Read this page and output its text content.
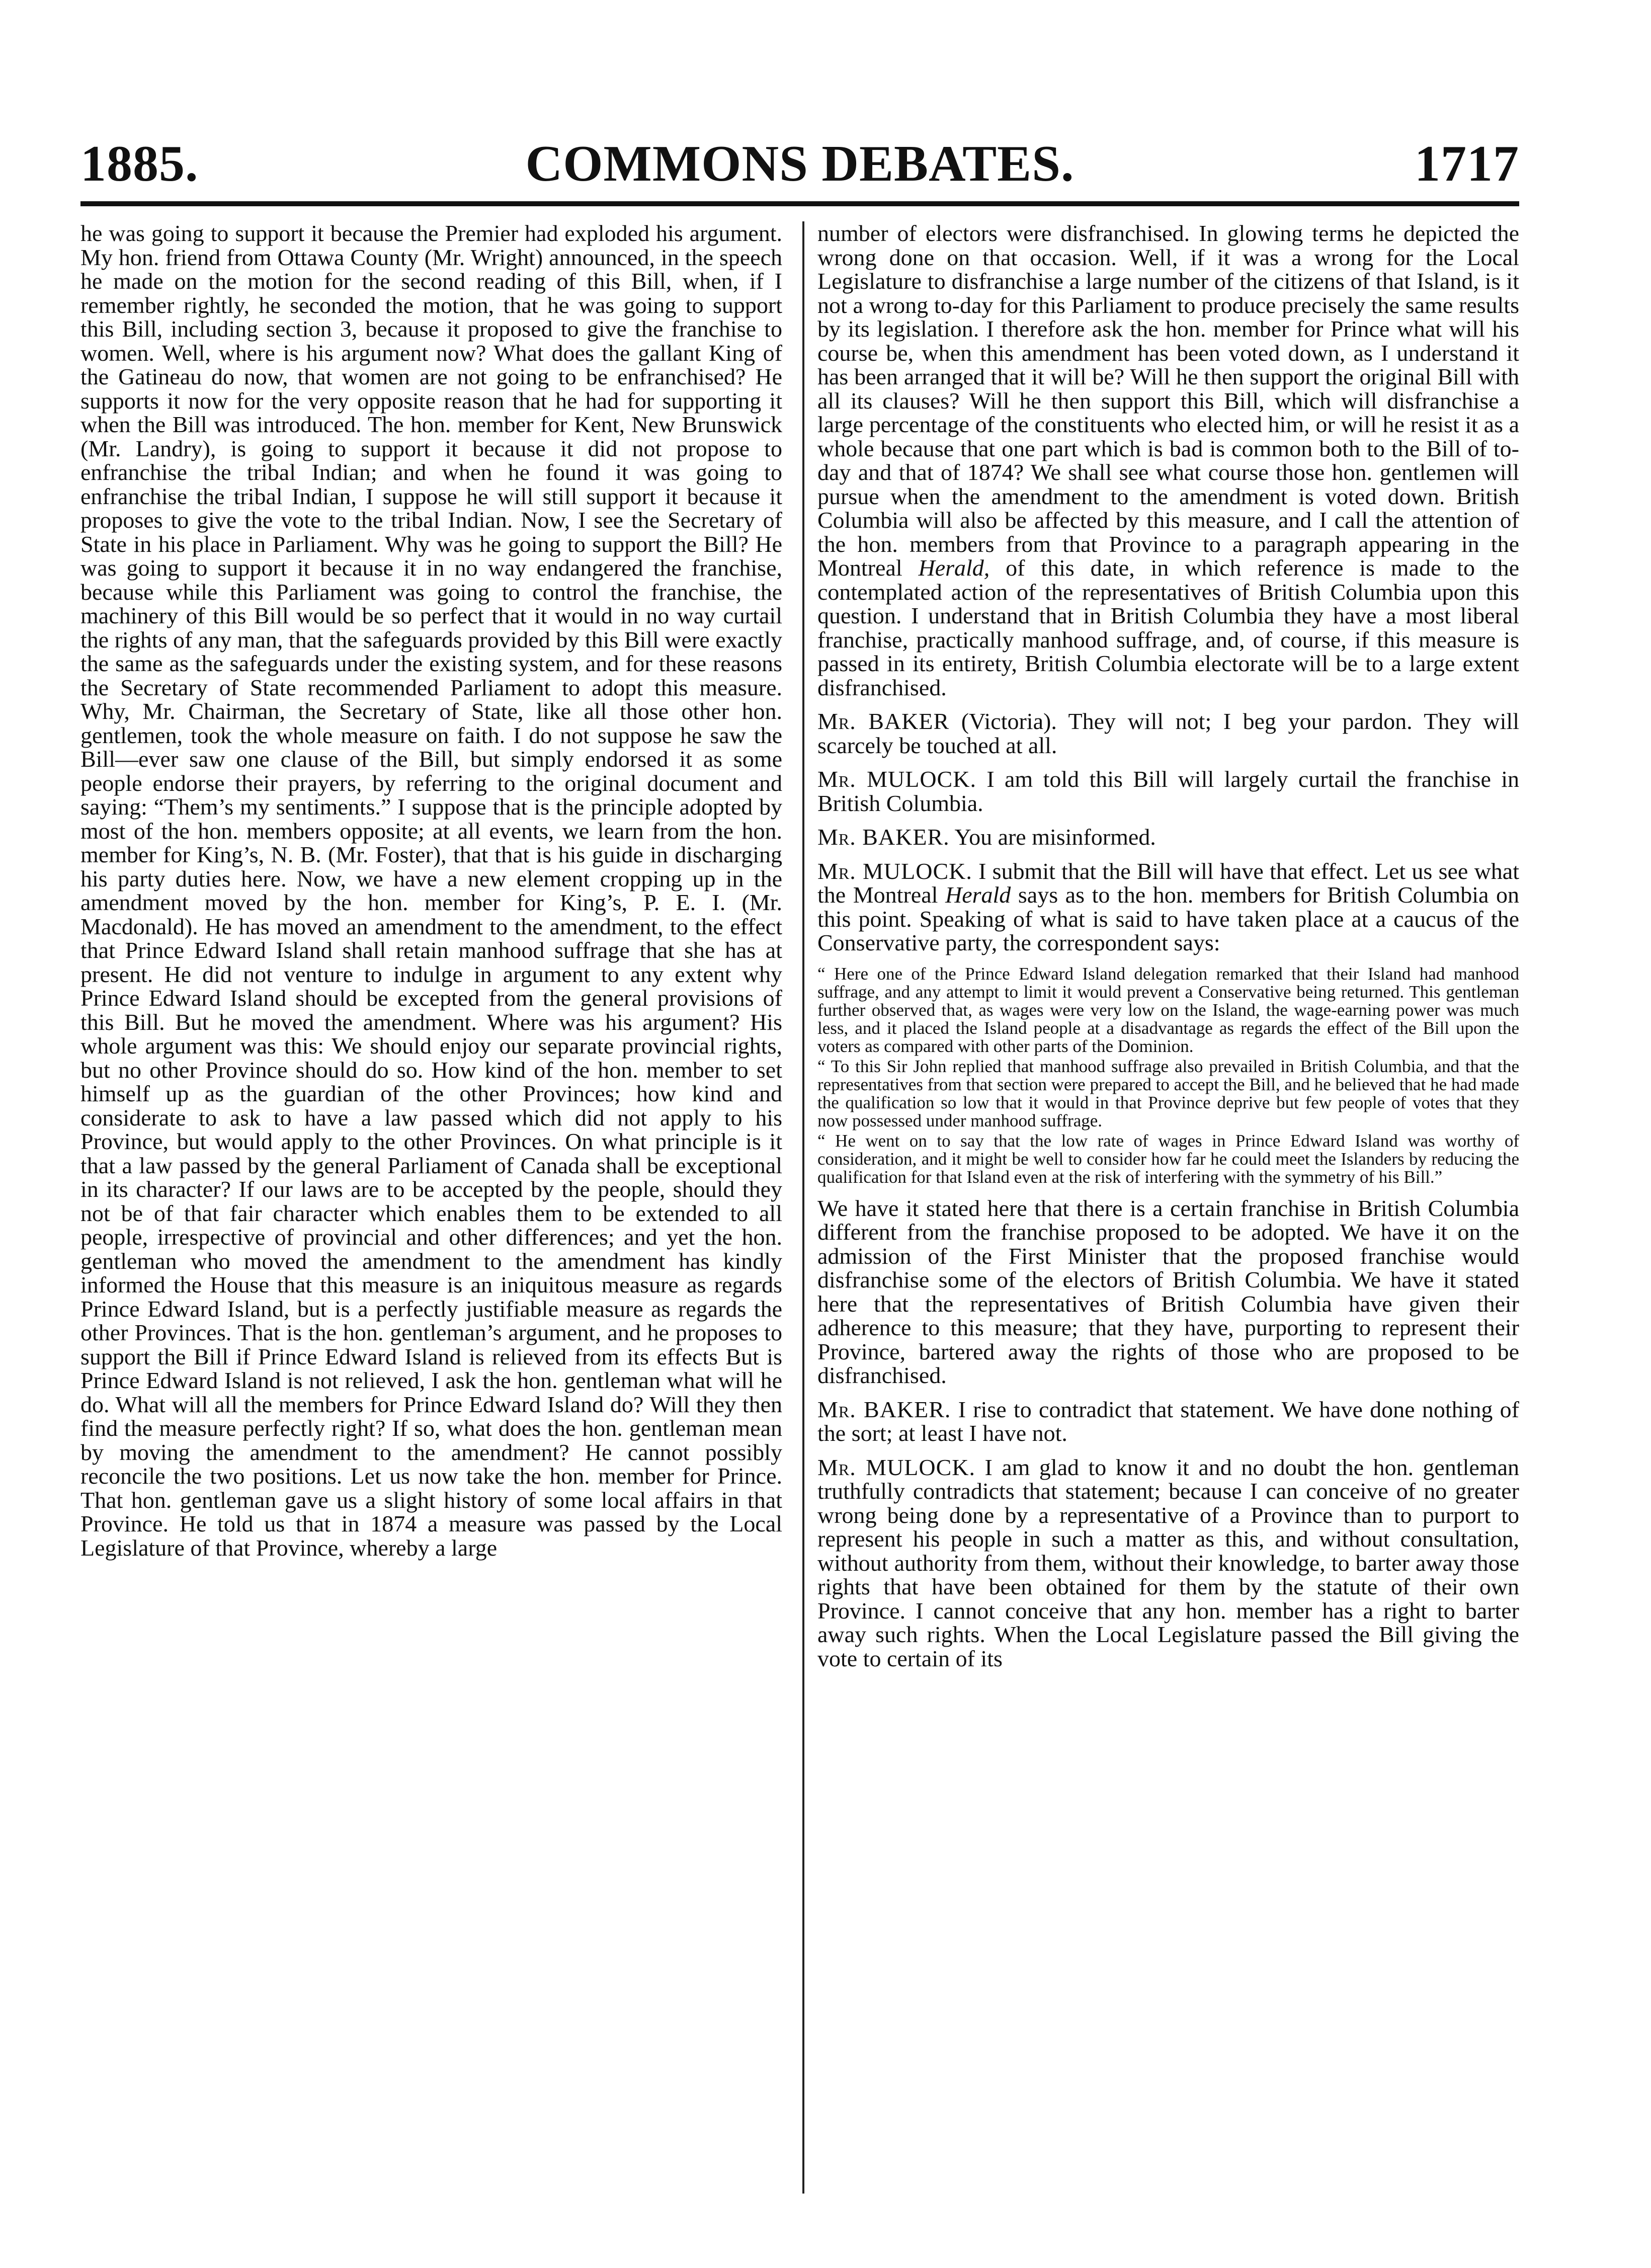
1885.	COMMONS DEBATES.	1717

he was going to support it because the Premier had exploded his argument. My hon. friend from Ottawa County (Mr. Wright) announced, in the speech he made on the motion for the second reading of this Bill, when, if I remember rightly, he seconded the motion, that he was going to support this Bill, including section 3, because it proposed to give the franchise to women. Well, where is his argument now? What does the gallant King of the Gatineau do now, that women are not going to be enfranchised? He supports it now for the very opposite reason that he had for supporting it when the Bill was introduced. The hon. member for Kent, New Brunswick (Mr. Landry), is going to support it because it did not propose to enfranchise the tribal Indian; and when he found it was going to enfranchise the tribal Indian, I suppose he will still support it because it proposes to give the vote to the tribal Indian. Now, I see the Secretary of State in his place in Parliament. Why was he going to support the Bill? He was going to support it because it in no way endangered the franchise, because while this Parliament was going to control the franchise, the machinery of this Bill would be so perfect that it would in no way curtail the rights of any man, that the safeguards provided by this Bill were exactly the same as the safeguards under the existing system, and for these reasons the Secretary of State recommended Parliament to adopt this measure. Why, Mr. Chairman, the Secretary of State, like all those other hon. gentlemen, took the whole measure on faith. I do not suppose he saw the Bill—ever saw one clause of the Bill, but simply endorsed it as some people endorse their prayers, by referring to the original document and saying: “Them’s my sentiments.” I suppose that is the principle adopted by most of the hon. members opposite; at all events, we learn from the hon. member for King’s, N. B. (Mr. Foster), that that is his guide in discharging his party duties here. Now, we have a new element cropping up in the amendment moved by the hon. member for King’s, P. E. I. (Mr. Macdonald). He has moved an amendment to the amendment, to the effect that Prince Edward Island shall retain manhood suffrage that she has at present. He did not venture to indulge in argument to any extent why Prince Edward Island should be excepted from the general provisions of this Bill. But he moved the amendment. Where was his argument? His whole argument was this: We should enjoy our separate provincial rights, but no other Province should do so. How kind of the hon. member to set himself up as the guardian of the other Provinces; how kind and considerate to ask to have a law passed which did not apply to his Province, but would apply to the other Provinces. On what principle is it that a law passed by the general Parliament of Canada shall be exceptional in its character? If our laws are to be accepted by the people, should they not be of that fair character which enables them to be extended to all people, irrespective of provincial and other differences; and yet the hon. gentleman who moved the amendment to the amendment has kindly informed the House that this measure is an iniquitous measure as regards Prince Edward Island, but is a perfectly justifiable measure as regards the other Provinces. That is the hon. gentleman’s argument, and he proposes to support the Bill if Prince Edward Island is relieved from its effects But is Prince Edward Island is not relieved, I ask the hon. gentleman what will he do. What will all the members for Prince Edward Island do? Will they then find the measure perfectly right? If so, what does the hon. gentleman mean by moving the amendment to the amendment? He cannot possibly reconcile the two positions. Let us now take the hon. member for Prince. That hon. gentleman gave us a slight history of some local affairs in that Province. He told us that in 1874 a measure was passed by the Local Legislature of that Province, whereby a large

number of electors were disfranchised. In glowing terms he depicted the wrong done on that occasion. Well, if it was a wrong for the Local Legislature to disfranchise a large number of the citizens of that Island, is it not a wrong to-day for this Parliament to produce precisely the same results by its legislation. I therefore ask the hon. member for Prince what will his course be, when this amendment has been voted down, as I understand it has been arranged that it will be? Will he then support the original Bill with all its clauses? Will he then support this Bill, which will disfranchise a large percentage of the constituents who elected him, or will he resist it as a whole because that one part which is bad is common both to the Bill of to-day and that of 1874? We shall see what course those hon. gentlemen will pursue when the amendment to the amendment is voted down. British Columbia will also be affected by this measure, and I call the attention of the hon. members from that Province to a paragraph appearing in the Montreal Herald, of this date, in which reference is made to the contemplated action of the representatives of British Columbia upon this question. I understand that in British Columbia they have a most liberal franchise, practically manhood suffrage, and, of course, if this measure is passed in its entirety, British Columbia electorate will be to a large extent disfranchised.

Mr. BAKER (Victoria). They will not; I beg your pardon. They will scarcely be touched at all.

Mr. MULOCK. I am told this Bill will largely curtail the franchise in British Columbia.

Mr. BAKER. You are misinformed.

Mr. MULOCK. I submit that the Bill will have that effect. Let us see what the Montreal Herald says as to the hon. members for British Columbia on this point. Speaking of what is said to have taken place at a caucus of the Conservative party, the correspondent says:

“ Here one of the Prince Edward Island delegation remarked that their Island had manhood suffrage, and any attempt to limit it would prevent a Conservative being returned. This gentleman further observed that, as wages were very low on the Island, the wage-earning power was much less, and it placed the Island people at a disadvantage as regards the effect of the Bill upon the voters as compared with other parts of the Dominion.

“ To this Sir John replied that manhood suffrage also prevailed in British Columbia, and that the representatives from that section were prepared to accept the Bill, and he believed that he had made the qualification so low that it would in that Province deprive but few people of votes that they now possessed under manhood suffrage.

“ He went on to say that the low rate of wages in Prince Edward Island was worthy of consideration, and it might be well to consider how far he could meet the Islanders by reducing the qualification for that Island even at the risk of interfering with the symmetry of his Bill.”

We have it stated here that there is a certain franchise in British Columbia different from the franchise proposed to be adopted. We have it on the admission of the First Minister that the proposed franchise would disfranchise some of the electors of British Columbia. We have it stated here that the representatives of British Columbia have given their adherence to this measure; that they have, purporting to represent their Province, bartered away the rights of those who are proposed to be disfranchised.

Mr. BAKER. I rise to contradict that statement. We have done nothing of the sort; at least I have not.

Mr. MULOCK. I am glad to know it and no doubt the hon. gentleman truthfully contradicts that statement; because I can conceive of no greater wrong being done by a representative of a Province than to purport to represent his people in such a matter as this, and without consultation, without authority from them, without their knowledge, to barter away those rights that have been obtained for them by the statute of their own Province. I cannot conceive that any hon. member has a right to barter away such rights. When the Local Legislature passed the Bill giving the vote to certain of its
